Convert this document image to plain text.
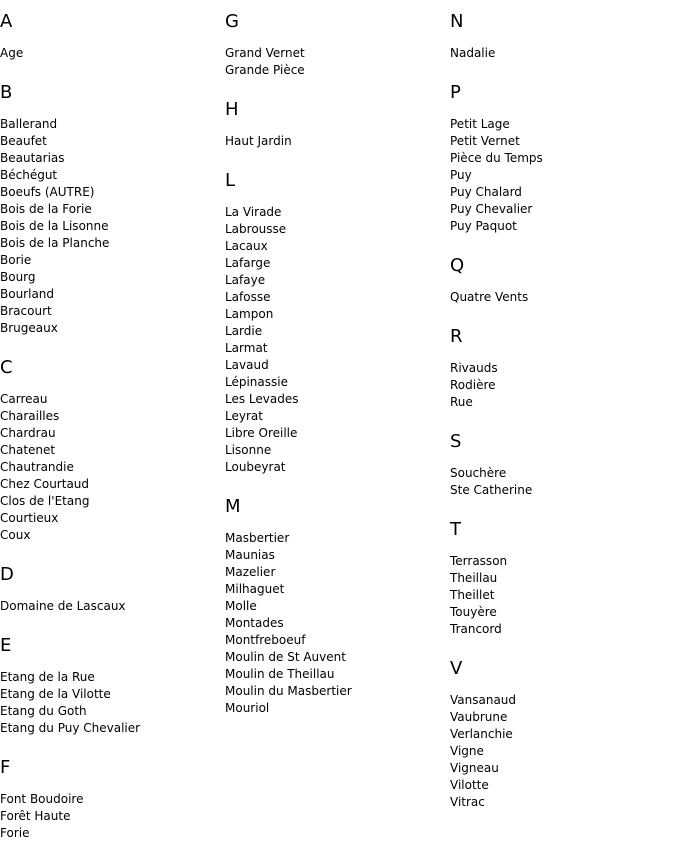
A
Age
B
Ballerand
Beaufet
Beautarias
Béchégut
Boeufs (AUTRE)
Bois de la Forie
Bois de la Lisonne
Bois de la Planche
Borie
Bourg
Bourland
Bracourt
Brugeaux
C
Carreau
Charailles
Chardrau
Chatenet
Chautrandie
Chez Courtaud
Clos de l'Etang
Courtieux
Coux
D
Domaine de Lascaux
E
Etang de la Rue
Etang de la Vilotte
Etang du Goth
Etang du Puy Chevalier
F
Font Boudoire
Forêt Haute
Forie
G
Grand Vernet
Grande Pièce
H
Haut Jardin
L
La Virade
Labrousse
Lacaux
Lafarge
Lafaye
Lafosse
Lampon
Lardie
Larmat
Lavaud
Lépinassie
Les Levades
Leyrat
Libre Oreille
Lisonne
Loubeyrat
M
Masbertier
Maunias
Mazelier
Milhaguet
Molle
Montades
Montfreboeuf
Moulin de St Auvent
Moulin de Theillau
Moulin du Masbertier
Mouriol
N
Nadalie
P
Petit Lage
Petit Vernet
Pièce du Temps
Puy
Puy Chalard
Puy Chevalier
Puy Paquot
Q
Quatre Vents
R
Rivauds
Rodière
Rue
S
Souchère
Ste Catherine
T
Terrasson
Theillau
Theillet
Touyère
Trancord
V
Vansanaud
Vaubrune
Verlanchie
Vigne
Vigneau
Vilotte
Vitrac
